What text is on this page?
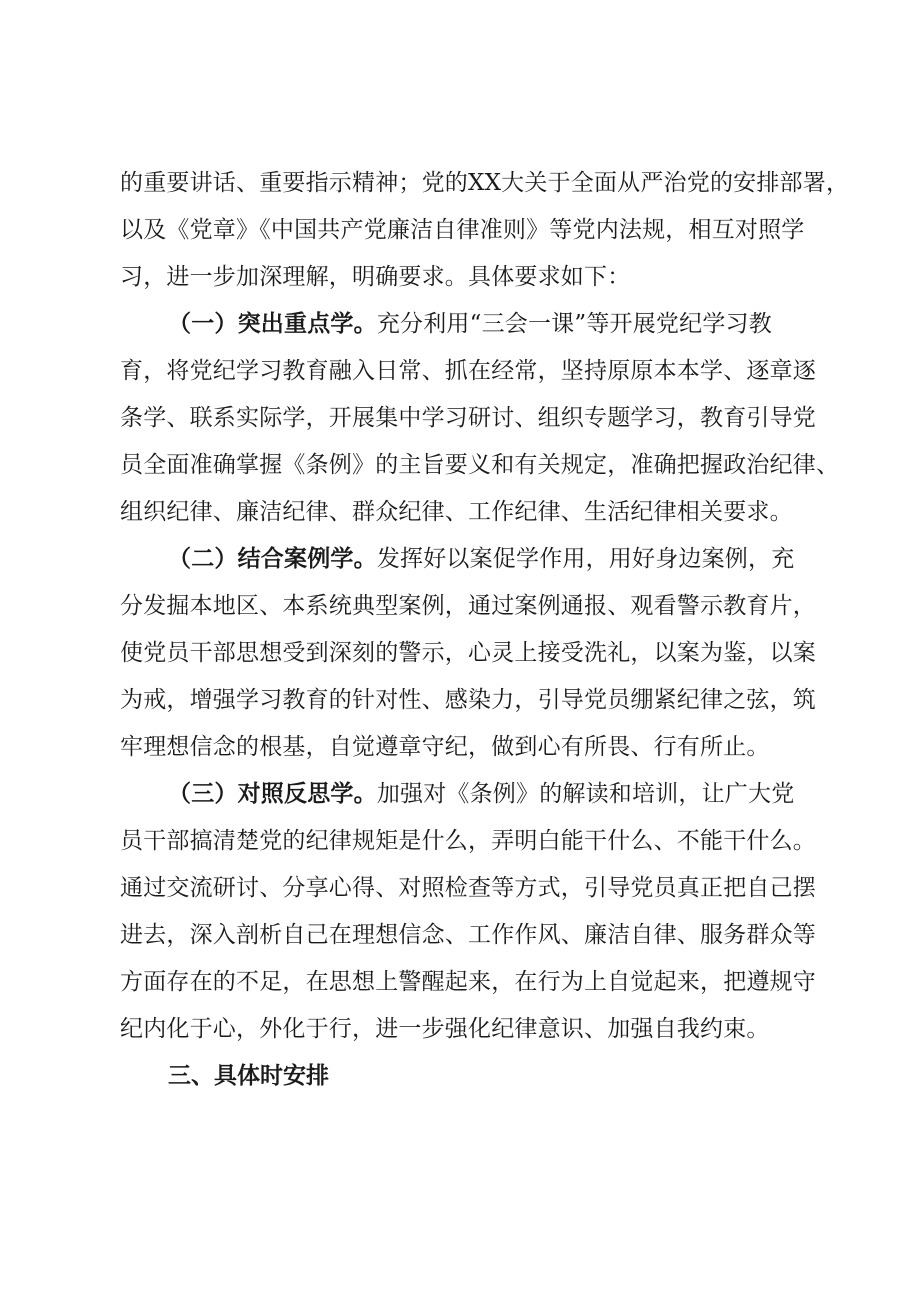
的重要讲话、重要指示精神；党的XX大关于全面从严治党的安排部署，
以及《党章》《中国共产党廉洁自律准则》等党内法规，相互对照学
习，进一步加深理解，明确要求。具体要求如下：
（一）突出重点学。充分利用“三会一课”等开展党纪学习教
育，将党纪学习教育融入日常、抓在经常，坚持原原本本学、逐章逐
条学、联系实际学，开展集中学习研讨、组织专题学习，教育引导党
员全面准确掌握《条例》的主旨要义和有关规定，准确把握政治纪律、
组织纪律、廉洁纪律、群众纪律、工作纪律、生活纪律相关要求。
（二）结合案例学。发挥好以案促学作用，用好身边案例，充
分发掘本地区、本系统典型案例，通过案例通报、观看警示教育片，
使党员干部思想受到深刻的警示，心灵上接受洗礼，以案为鉴，以案
为戒，增强学习教育的针对性、感染力，引导党员绷紧纪律之弦，筑
牢理想信念的根基，自觉遵章守纪，做到心有所畏、行有所止。
（三）对照反思学。加强对《条例》的解读和培训，让广大党
员干部搞清楚党的纪律规矩是什么，弄明白能干什么、不能干什么。
通过交流研讨、分享心得、对照检查等方式，引导党员真正把自己摆
进去，深入剖析自己在理想信念、工作作风、廉洁自律、服务群众等
方面存在的不足，在思想上警醒起来，在行为上自觉起来，把遵规守
纪内化于心，外化于行，进一步强化纪律意识、加强自我约束。
三、具体时安排
